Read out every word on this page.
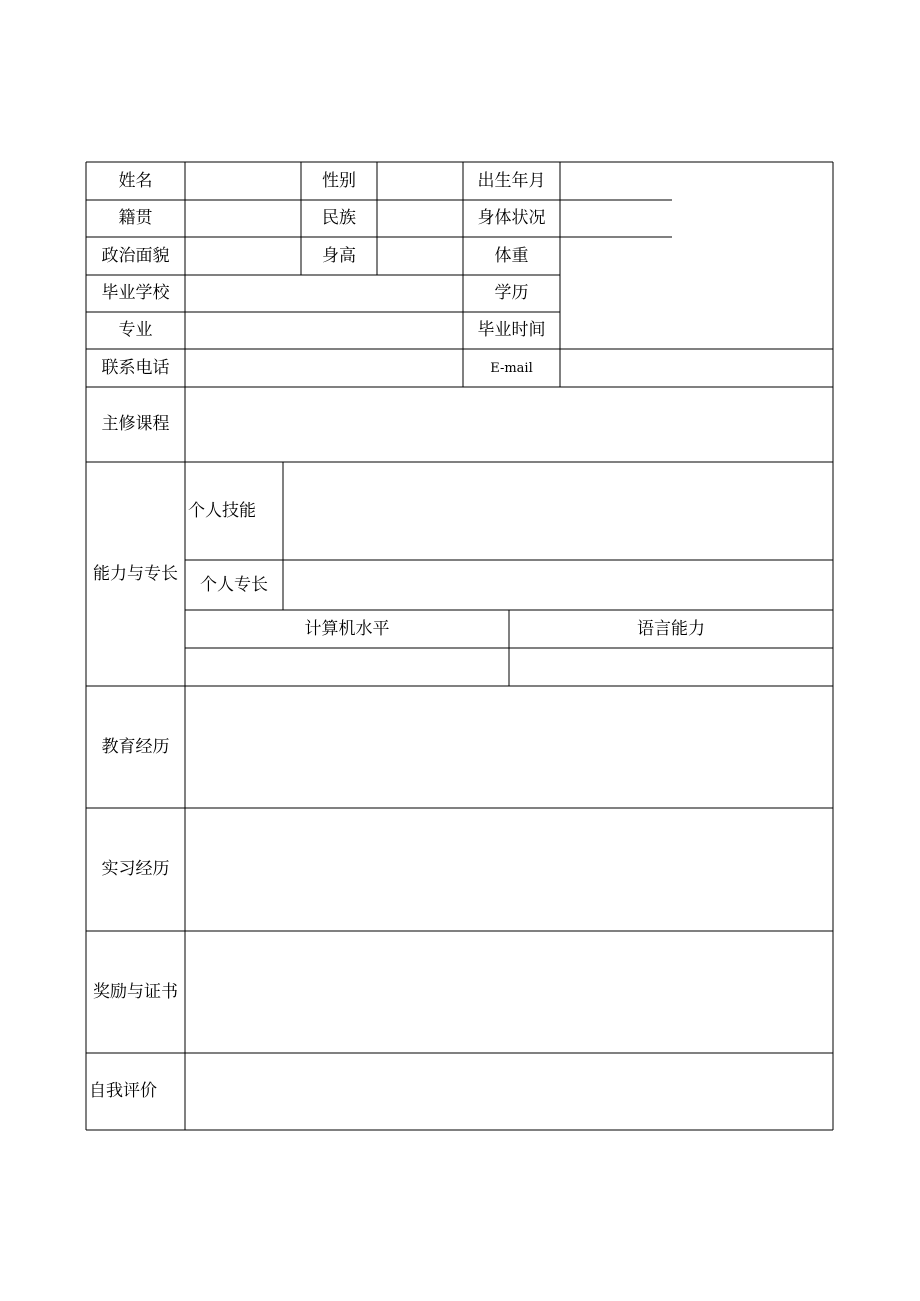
姓名	性别	出生年月
籍贯	民族	身体状况
政治面貌	身高	体重
毕业学校	学历
专业	毕业时间
联系电话	E-mail
主修课程
能力与专长
个人技能
个人专长
计算机水平	语言能力
教育经历
实习经历
奖励与证书
自我评价
